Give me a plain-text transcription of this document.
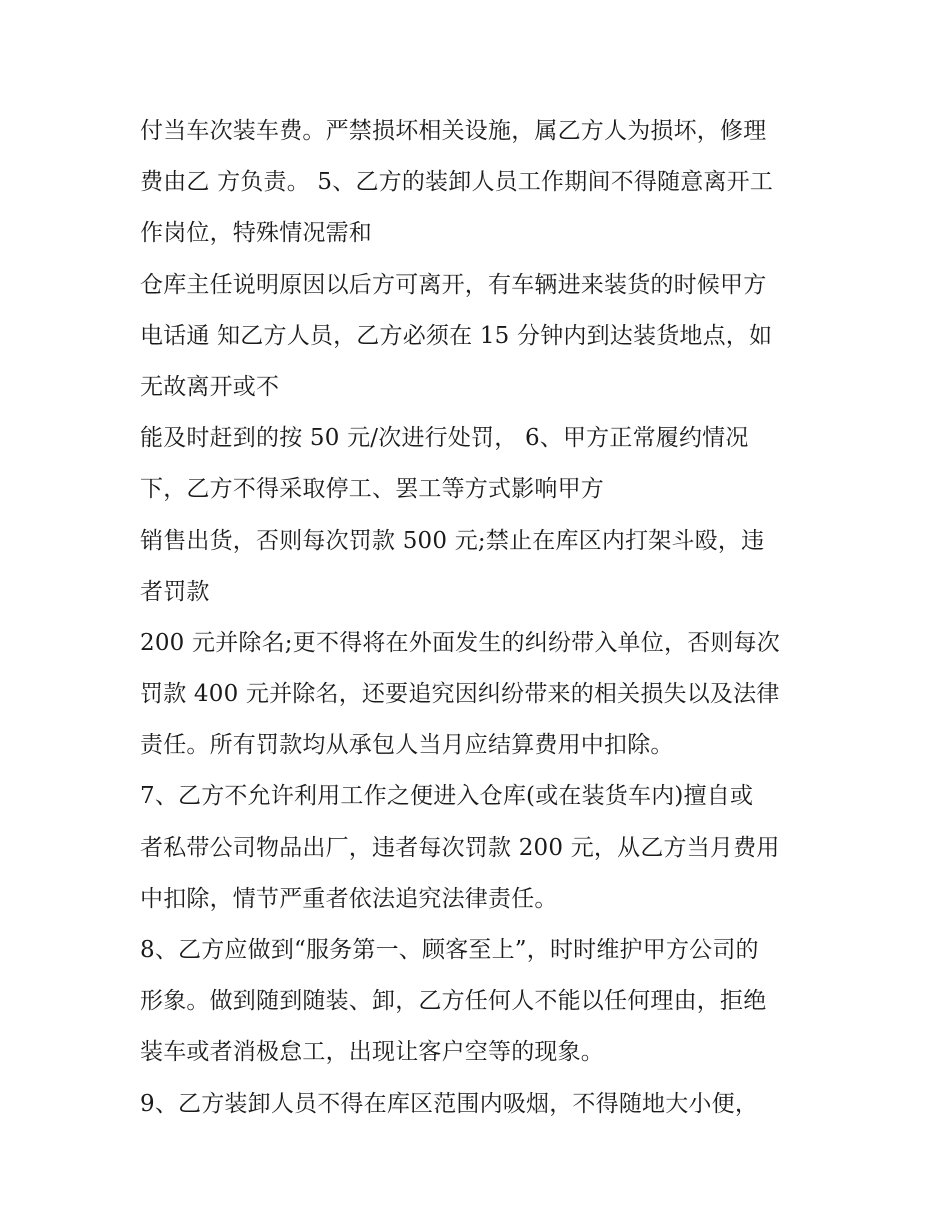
付当车次装车费。严禁损坏相关设施，属乙方人为损坏，修理
费由乙 方负责。 5、乙方的装卸人员工作期间不得随意离开工
作岗位，特殊情况需和
仓库主任说明原因以后方可离开，有车辆进来装货的时候甲方
电话通 知乙方人员，乙方必须在 15 分钟内到达装货地点，如
无故离开或不
能及时赶到的按 50 元/次进行处罚， 6、甲方正常履约情况
下，乙方不得采取停工、罢工等方式影响甲方
销售出货，否则每次罚款 500 元;禁止在库区内打架斗殴，违
者罚款
200 元并除名;更不得将在外面发生的纠纷带入单位，否则每次
罚款 400 元并除名，还要追究因纠纷带来的相关损失以及法律
责任。所有罚款均从承包人当月应结算费用中扣除。
7、乙方不允许利用工作之便进入仓库(或在装货车内)擅自或
者私带公司物品出厂，违者每次罚款 200 元，从乙方当月费用
中扣除，情节严重者依法追究法律责任。
8、乙方应做到“服务第一、顾客至上”，时时维护甲方公司的
形象。做到随到随装、卸，乙方任何人不能以任何理由，拒绝
装车或者消极怠工，出现让客户空等的现象。
9、乙方装卸人员不得在库区范围内吸烟，不得随地大小便，
